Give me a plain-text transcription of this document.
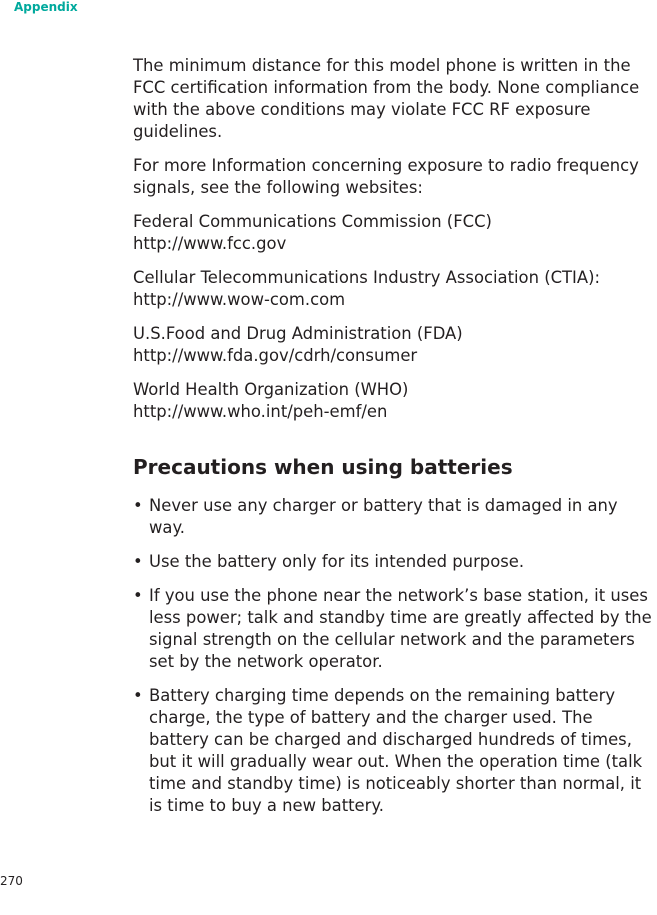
Appendix

The minimum distance for this model phone is written in the FCC certification information from the body. None compliance with the above conditions may violate FCC RF exposure guidelines.

For more Information concerning exposure to radio frequency signals, see the following websites:

Federal Communications Commission (FCC)
http://www.fcc.gov
Cellular Telecommunications Industry Association (CTIA):
http://www.wow-com.com
U.S.Food and Drug Administration (FDA)
http://www.fda.gov/cdrh/consumer
World Health Organization (WHO)
http://www.who.int/peh-emf/en
Precautions when using batteries
• Never use any charger or battery that is damaged in any way.
• Use the battery only for its intended purpose.
• If you use the phone near the network’s base station, it uses less power; talk and standby time are greatly affected by the signal strength on the cellular network and the parameters set by the network operator.
• Battery charging time depends on the remaining battery charge, the type of battery and the charger used. The battery can be charged and discharged hundreds of times, but it will gradually wear out. When the operation time (talk time and standby time) is noticeably shorter than normal, it is time to buy a new battery.
270
